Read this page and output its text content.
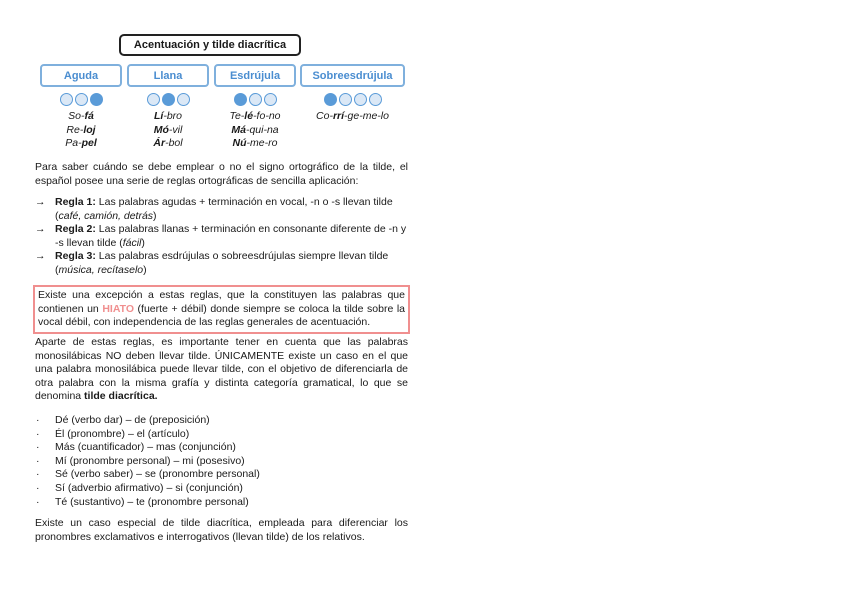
Acentuación y tilde diacrítica
Aguda
So-fá
Re-loj
Pa-pel
Llana
Lí-bro
Mó-vil
Ár-bol
Esdrújula
Te-lé-fo-no
Má-qui-na
Nú-me-ro
Sobreesdrújula
Co-rrí-ge-me-lo

Para saber cuándo se debe emplear o no el signo ortográfico de la tilde, el español posee una serie de reglas ortográficas de sencilla aplicación:

→ Regla 1: Las palabras agudas + terminación en vocal, -n o -s llevan tilde (café, camión, detrás)
→ Regla 2: Las palabras llanas + terminación en consonante diferente de -n y -s llevan tilde (fácil)
→ Regla 3: Las palabras esdrújulas o sobreesdrújulas siempre llevan tilde (música, recítaselo)
Existe una excepción a estas reglas, que la constituyen las palabras que contienen un HIATO (fuerte + débil) donde siempre se coloca la tilde sobre la vocal débil, con independencia de las reglas generales de acentuación.

Aparte de estas reglas, es importante tener en cuenta que las palabras monosilábicas NO deben llevar tilde. ÚNICAMENTE existe un caso en el que una palabra monosilábica puede llevar tilde, con el objetivo de diferenciarla de otra palabra con la misma grafía y distinta categoría gramatical, lo que se denomina tilde diacrítica.

· Dé (verbo dar) – de (preposición)
· Él (pronombre) – el (artículo)
· Más (cuantificador) – mas (conjunción)
· Mí (pronombre personal) – mi (posesivo)
· Sé (verbo saber) – se (pronombre personal)
· Sí (adverbio afirmativo) – si (conjunción)
· Té (sustantivo) – te (pronombre personal)

Existe un caso especial de tilde diacrítica, empleada para diferenciar los pronombres exclamativos e interrogativos (llevan tilde) de los relativos.
